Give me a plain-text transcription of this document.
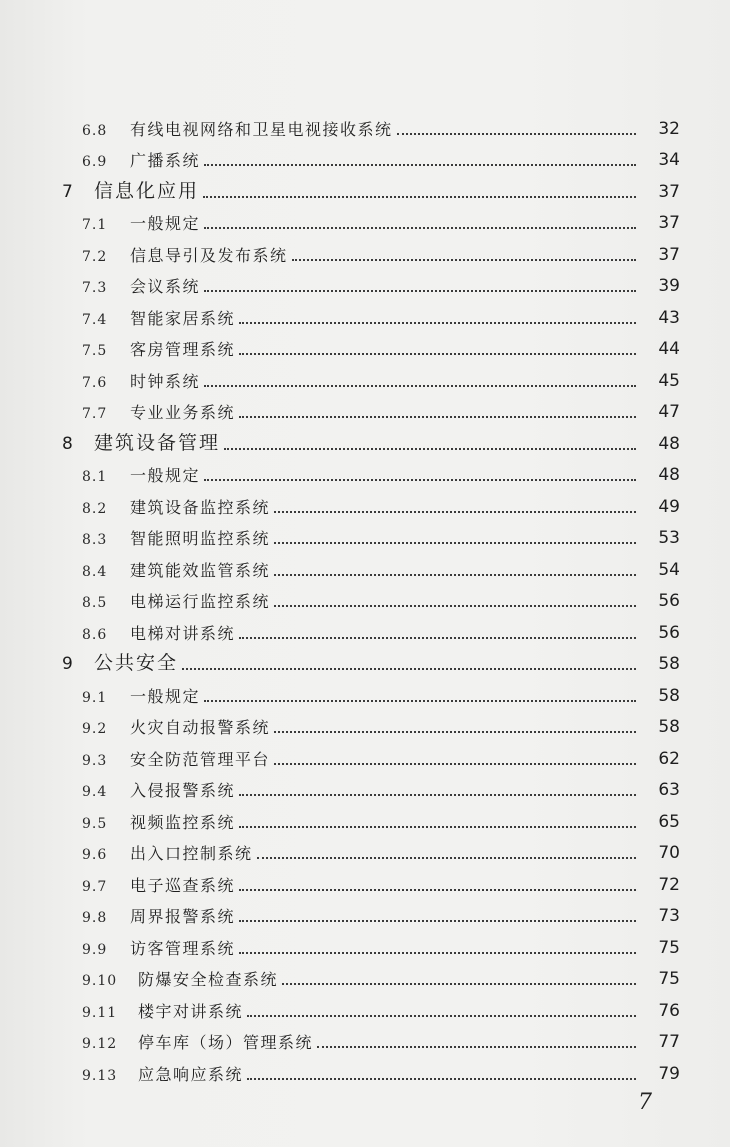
6.8	有线电视网络和卫星电视接收系统	32
6.9	广播系统	34
7	信息化应用	37
7.1	一般规定	37
7.2	信息导引及发布系统	37
7.3	会议系统	39
7.4	智能家居系统	43
7.5	客房管理系统	44
7.6	时钟系统	45
7.7	专业业务系统	47
8	建筑设备管理	48
8.1	一般规定	48
8.2	建筑设备监控系统	49
8.3	智能照明监控系统	53
8.4	建筑能效监管系统	54
8.5	电梯运行监控系统	56
8.6	电梯对讲系统	56
9	公共安全	58
9.1	一般规定	58
9.2	火灾自动报警系统	58
9.3	安全防范管理平台	62
9.4	入侵报警系统	63
9.5	视频监控系统	65
9.6	出入口控制系统	70
9.7	电子巡查系统	72
9.8	周界报警系统	73
9.9	访客管理系统	75
9.10	防爆安全检查系统	75
9.11	楼宇对讲系统	76
9.12	停车库（场）管理系统	77
9.13	应急响应系统	79
7
